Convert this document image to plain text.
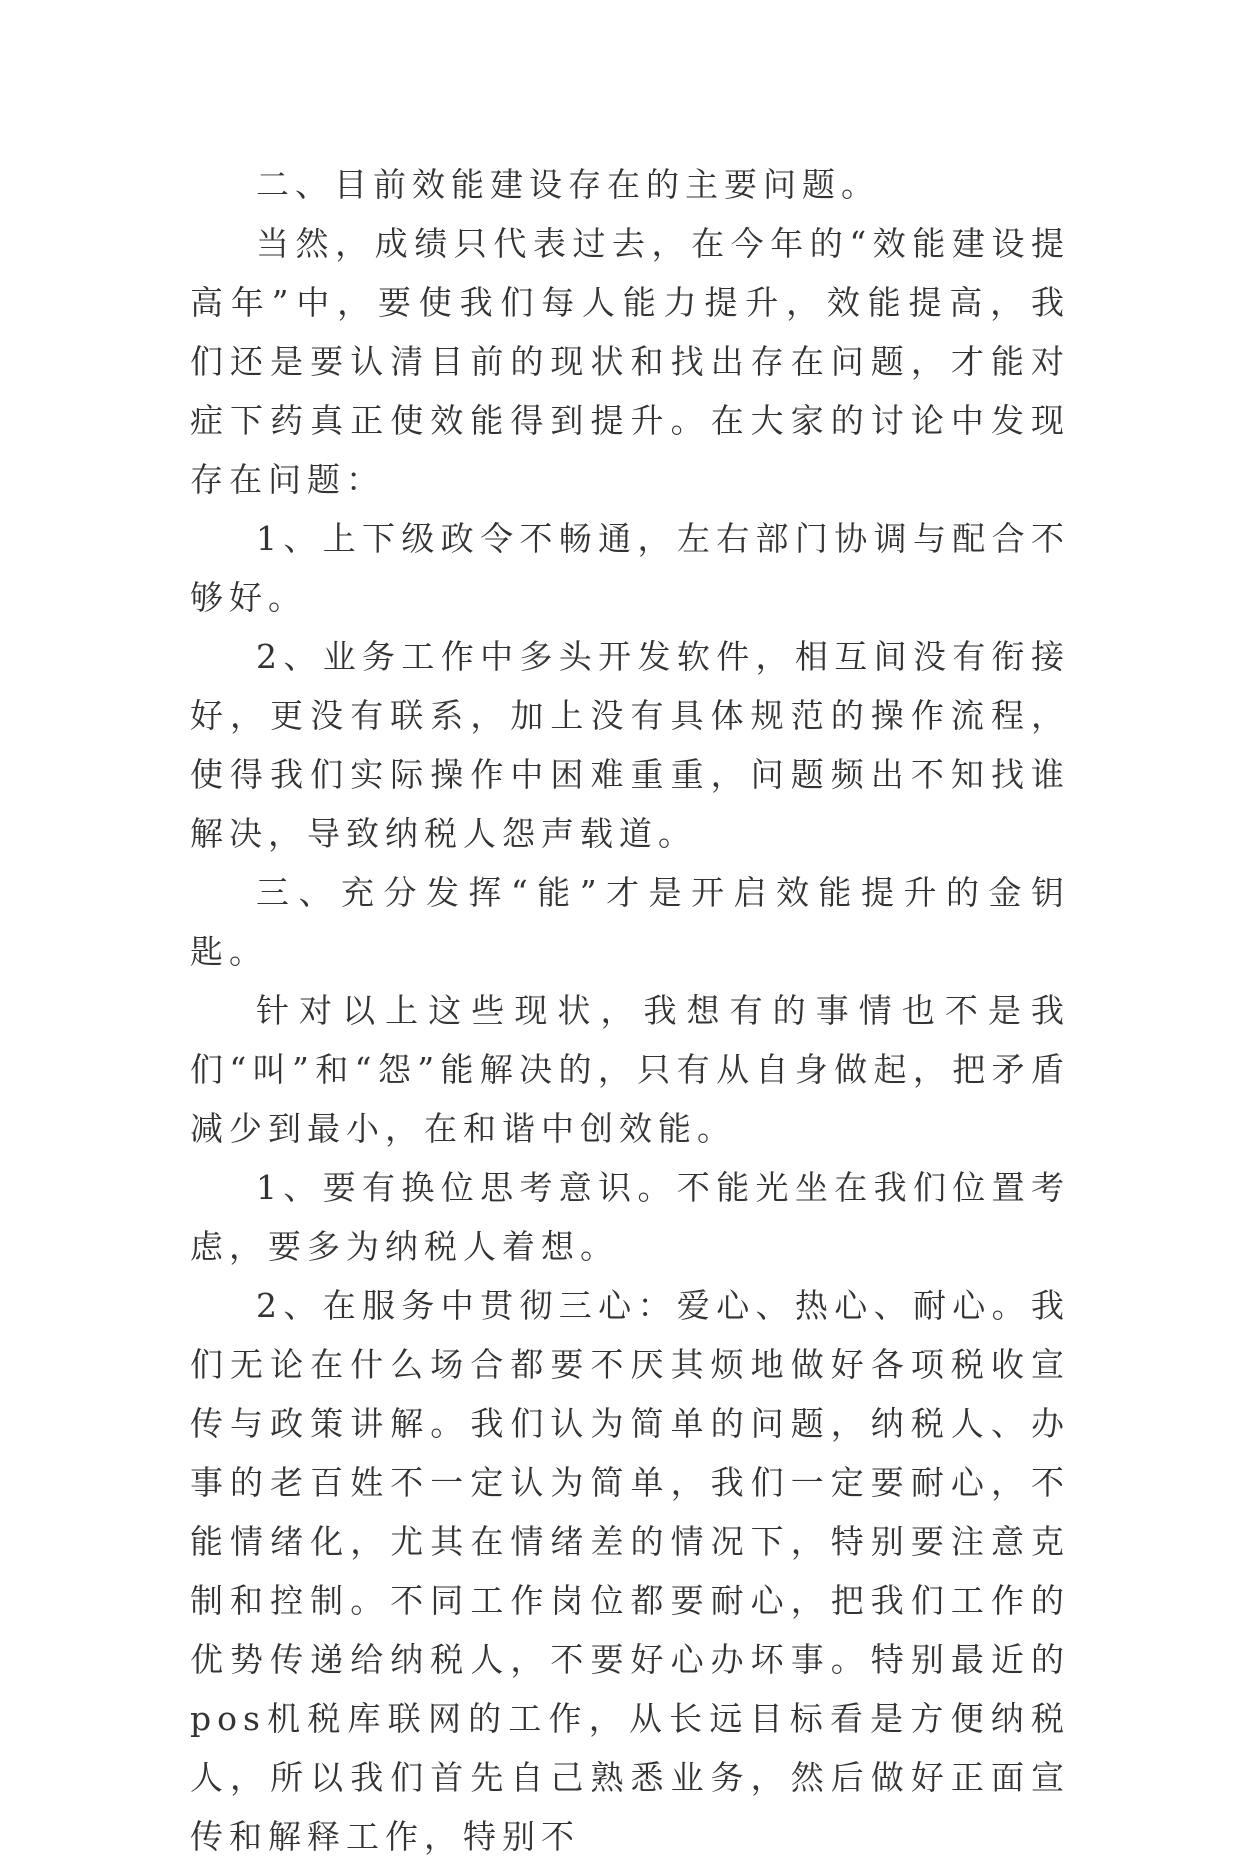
二、目前效能建设存在的主要问题。

当然，成绩只代表过去，在今年的“效能建设提高年”中，要使我们每人能力提升，效能提高，我们还是要认清目前的现状和找出存在问题，才能对症下药真正使效能得到提升。在大家的讨论中发现存在问题：

1、上下级政令不畅通，左右部门协调与配合不够好。

2、业务工作中多头开发软件，相互间没有衔接好，更没有联系，加上没有具体规范的操作流程，使得我们实际操作中困难重重，问题频出不知找谁解决，导致纳税人怨声载道。

三、充分发挥“能”才是开启效能提升的金钥匙。

针对以上这些现状，我想有的事情也不是我们“叫”和“怨”能解决的，只有从自身做起，把矛盾减少到最小，在和谐中创效能。

1、要有换位思考意识。不能光坐在我们位置考虑，要多为纳税人着想。

2、在服务中贯彻三心：爱心、热心、耐心。我们无论在什么场合都要不厌其烦地做好各项税收宣传与政策讲解。我们认为简单的问题，纳税人、办事的老百姓不一定认为简单，我们一定要耐心，不能情绪化，尤其在情绪差的情况下，特别要注意克制和控制。不同工作岗位都要耐心，把我们工作的优势传递给纳税人，不要好心办坏事。特别最近的pos机税库联网的工作，从长远目标看是方便纳税人，所以我们首先自己熟悉业务，然后做好正面宣传和解释工作，特别不
